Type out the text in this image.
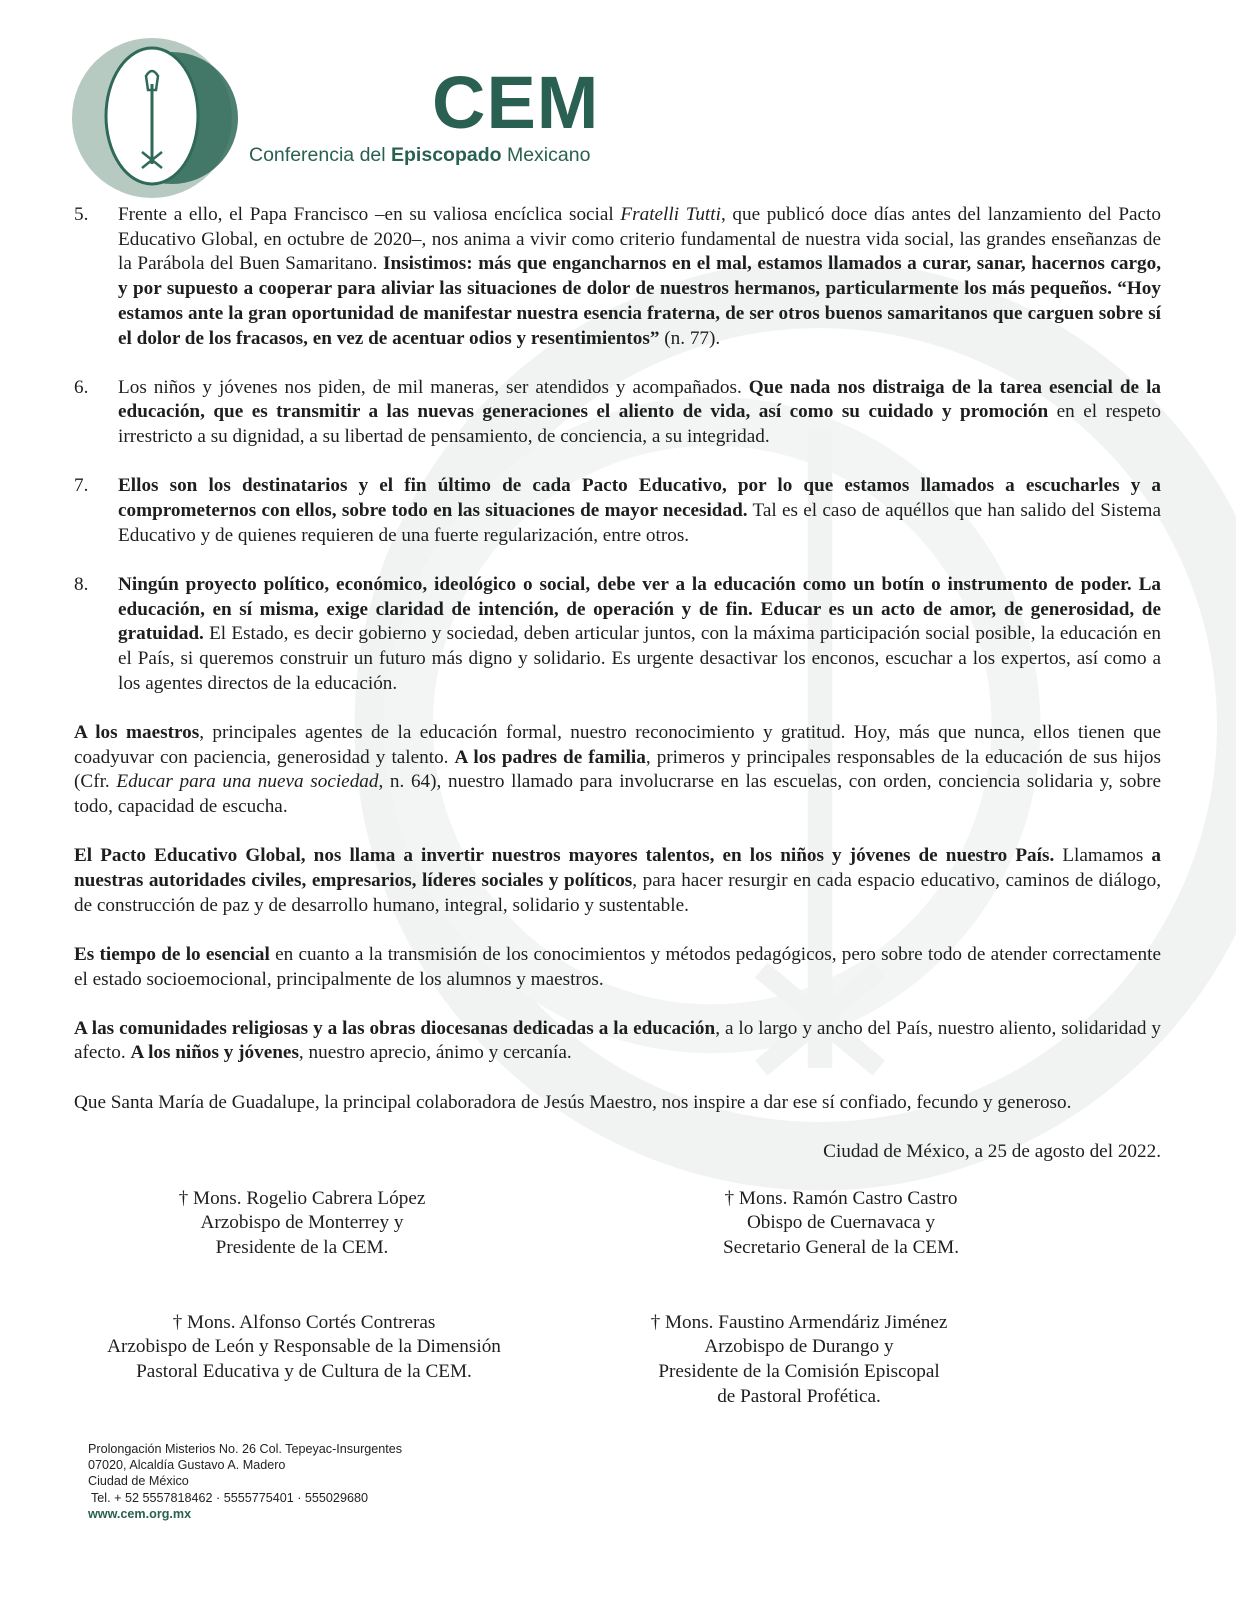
CEM
Conferencia del Episcopado Mexicano
5. Frente a ello, el Papa Francisco –en su valiosa encíclica social Fratelli Tutti, que publicó doce días antes del lanzamiento del Pacto Educativo Global, en octubre de 2020–, nos anima a vivir como criterio fundamental de nuestra vida social, las grandes enseñanzas de la Parábola del Buen Samaritano. Insistimos: más que engancharnos en el mal, estamos llamados a curar, sanar, hacernos cargo, y por supuesto a cooperar para aliviar las situaciones de dolor de nuestros hermanos, particularmente los más pequeños. “Hoy estamos ante la gran oportunidad de manifestar nuestra esencia fraterna, de ser otros buenos samaritanos que carguen sobre sí el dolor de los fracasos, en vez de acentuar odios y resentimientos” (n. 77).
6. Los niños y jóvenes nos piden, de mil maneras, ser atendidos y acompañados. Que nada nos distraiga de la tarea esencial de la educación, que es transmitir a las nuevas generaciones el aliento de vida, así como su cuidado y promoción en el respeto irrestricto a su dignidad, a su libertad de pensamiento, de conciencia, a su integridad.
7. Ellos son los destinatarios y el fin último de cada Pacto Educativo, por lo que estamos llamados a escucharles y a comprometernos con ellos, sobre todo en las situaciones de mayor necesidad. Tal es el caso de aquéllos que han salido del Sistema Educativo y de quienes requieren de una fuerte regularización, entre otros.
8. Ningún proyecto político, económico, ideológico o social, debe ver a la educación como un botín o instrumento de poder. La educación, en sí misma, exige claridad de intención, de operación y de fin. Educar es un acto de amor, de generosidad, de gratuidad. El Estado, es decir gobierno y sociedad, deben articular juntos, con la máxima participación social posible, la educación en el País, si queremos construir un futuro más digno y solidario. Es urgente desactivar los enconos, escuchar a los expertos, así como a los agentes directos de la educación.
A los maestros, principales agentes de la educación formal, nuestro reconocimiento y gratitud. Hoy, más que nunca, ellos tienen que coadyuvar con paciencia, generosidad y talento. A los padres de familia, primeros y principales responsables de la educación de sus hijos (Cfr. Educar para una nueva sociedad, n. 64), nuestro llamado para involucrarse en las escuelas, con orden, conciencia solidaria y, sobre todo, capacidad de escucha.
El Pacto Educativo Global, nos llama a invertir nuestros mayores talentos, en los niños y jóvenes de nuestro País. Llamamos a nuestras autoridades civiles, empresarios, líderes sociales y políticos, para hacer resurgir en cada espacio educativo, caminos de diálogo, de construcción de paz y de desarrollo humano, integral, solidario y sustentable.
Es tiempo de lo esencial en cuanto a la transmisión de los conocimientos y métodos pedagógicos, pero sobre todo de atender correctamente el estado socioemocional, principalmente de los alumnos y maestros.
A las comunidades religiosas y a las obras diocesanas dedicadas a la educación, a lo largo y ancho del País, nuestro aliento, solidaridad y afecto. A los niños y jóvenes, nuestro aprecio, ánimo y cercanía.
Que Santa María de Guadalupe, la principal colaboradora de Jesús Maestro, nos inspire a dar ese sí confiado, fecundo y generoso.
Ciudad de México, a 25 de agosto del 2022.
† Mons. Rogelio Cabrera López
Arzobispo de Monterrey y
Presidente de la CEM.
† Mons. Ramón Castro Castro
Obispo de Cuernavaca y
Secretario General de la CEM.
† Mons. Alfonso Cortés Contreras
Arzobispo de León y Responsable de la Dimensión
Pastoral Educativa y de Cultura de la CEM.
† Mons. Faustino Armendáriz Jiménez
Arzobispo de Durango y
Presidente de la Comisión Episcopal
de Pastoral Profética.
Prolongación Misterios No. 26 Col. Tepeyac-Insurgentes
07020, Alcaldía Gustavo A. Madero
Ciudad de México
Tel. + 52 5557818462 · 5555775401 · 555029680
www.cem.org.mx
